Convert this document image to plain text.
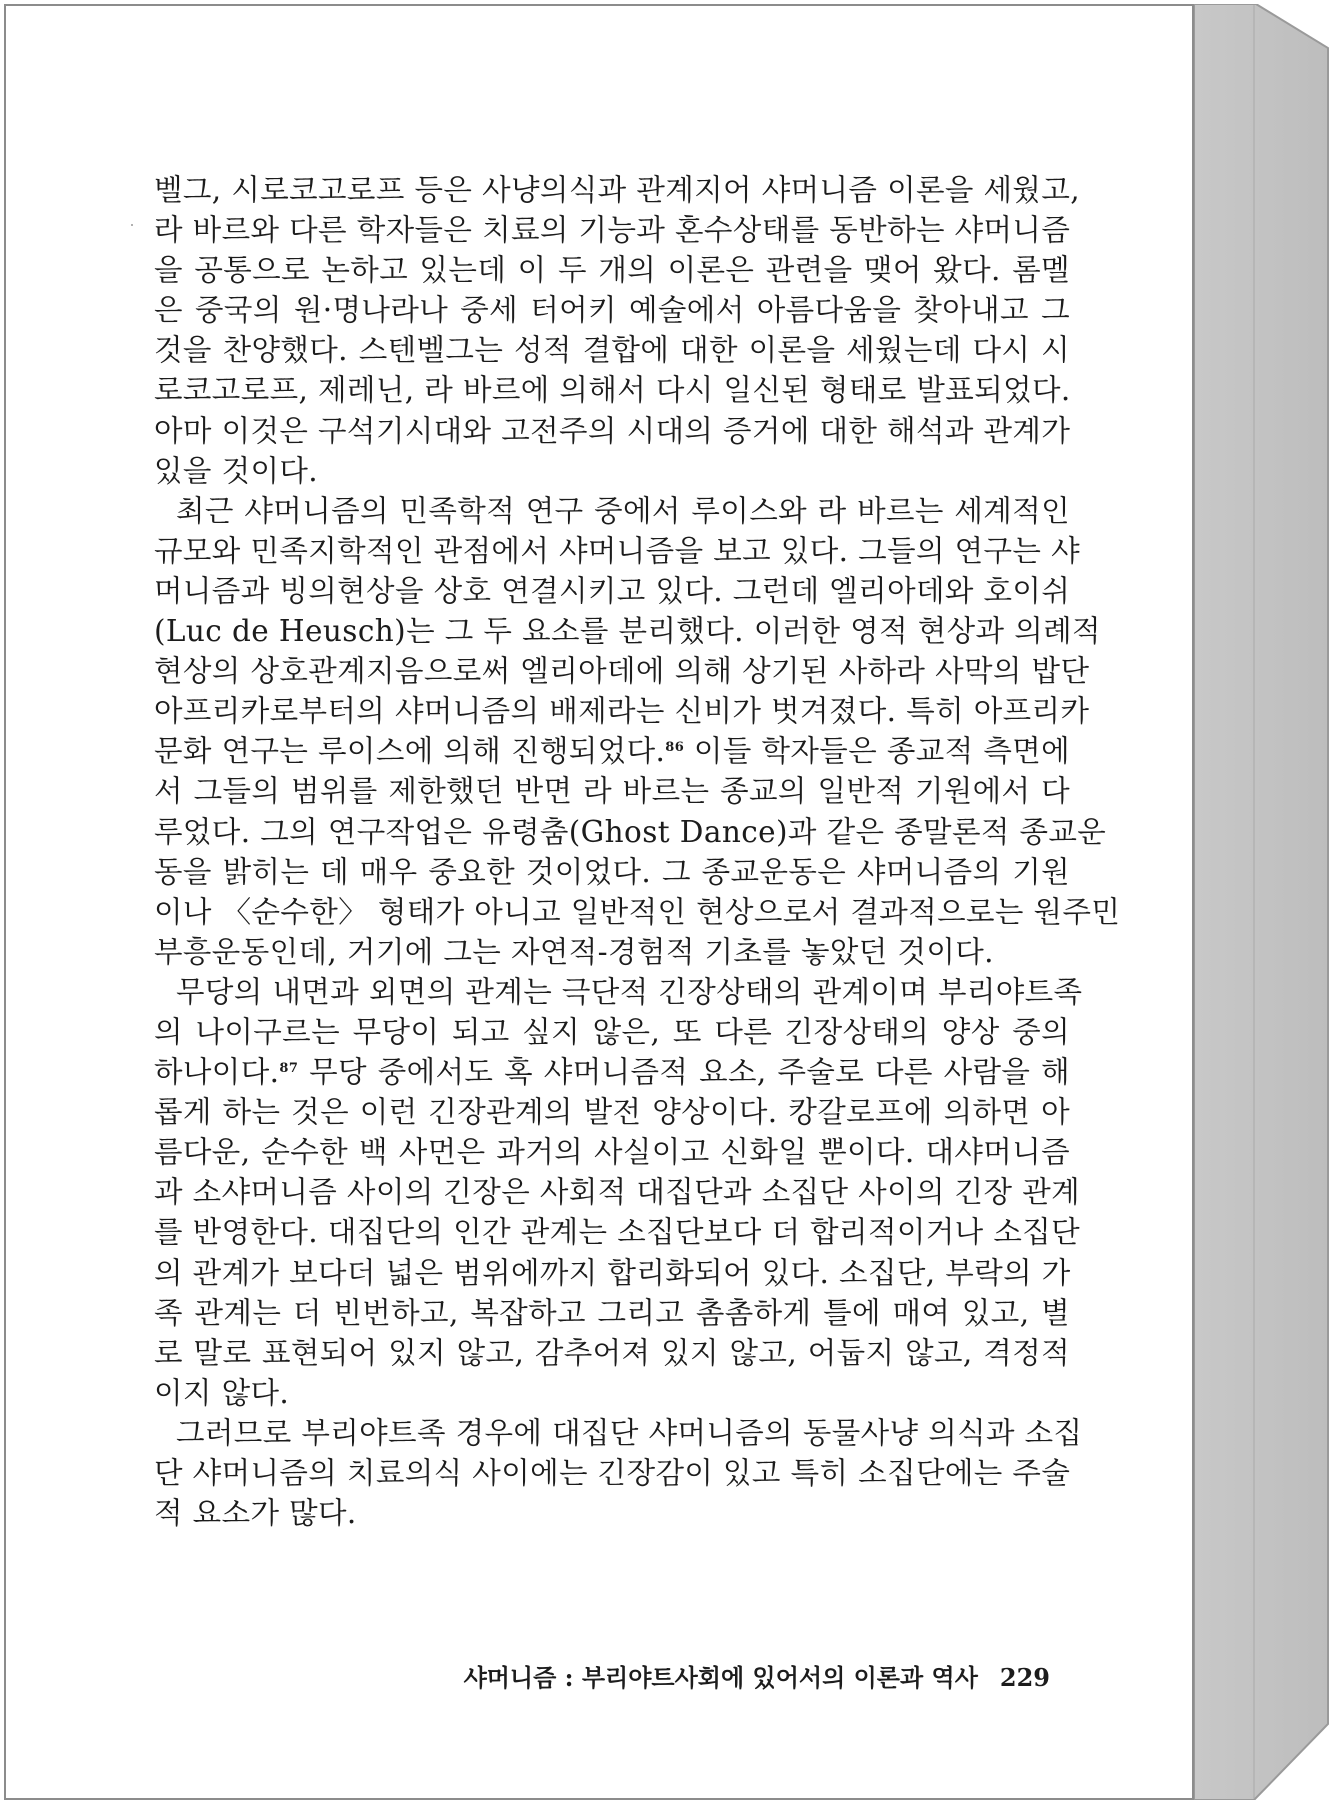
벨그, 시로코고로프 등은 사냥의식과 관계지어 샤머니즘 이론을 세웠고,
라 바르와 다른 학자들은 치료의 기능과 혼수상태를 동반하는 샤머니즘
을 공통으로 논하고 있는데 이 두 개의 이론은 관련을 맺어 왔다. 롬멜
은 중국의 원·명나라나 중세 터어키 예술에서 아름다움을 찾아내고 그
것을 찬양했다. 스텐벨그는 성적 결합에 대한 이론을 세웠는데 다시 시
로코고로프, 제레닌, 라 바르에 의해서 다시 일신된 형태로 발표되었다.
아마 이것은 구석기시대와 고전주의 시대의 증거에 대한 해석과 관계가
있을 것이다.

최근 샤머니즘의 민족학적 연구 중에서 루이스와 라 바르는 세계적인
규모와 민족지학적인 관점에서 샤머니즘을 보고 있다. 그들의 연구는 샤
머니즘과 빙의현상을 상호 연결시키고 있다. 그런데 엘리아데와 호이쉬
(Luc de Heusch)는 그 두 요소를 분리했다. 이러한 영적 현상과 의례적
현상의 상호관계지음으로써 엘리아데에 의해 상기된 사하라 사막의 밥단
아프리카로부터의 샤머니즘의 배제라는 신비가 벗겨졌다. 특히 아프리카
문화 연구는 루이스에 의해 진행되었다.$^{86}$ 이들 학자들은 종교적 측면에
서 그들의 범위를 제한했던 반면 라 바르는 종교의 일반적 기원에서 다
루었다. 그의 연구작업은 유령춤(Ghost Dance)과 같은 종말론적 종교운
동을 밝히는 데 매우 중요한 것이었다. 그 종교운동은 샤머니즘의 기원
이나 〈순수한〉 형태가 아니고 일반적인 현상으로서 결과적으로는 원주민
부흥운동인데, 거기에 그는 자연적-경험적 기초를 놓았던 것이다.

무당의 내면과 외면의 관계는 극단적 긴장상태의 관계이며 부리야트족
의 나이구르는 무당이 되고 싶지 않은, 또 다른 긴장상태의 양상 중의
하나이다.$^{87}$ 무당 중에서도 혹 샤머니즘적 요소, 주술로 다른 사람을 해
롭게 하는 것은 이런 긴장관계의 발전 양상이다. 캉갈로프에 의하면 아
름다운, 순수한 백 사먼은 과거의 사실이고 신화일 뿐이다. 대샤머니즘
과 소샤머니즘 사이의 긴장은 사회적 대집단과 소집단 사이의 긴장 관계
를 반영한다. 대집단의 인간 관계는 소집단보다 더 합리적이거나 소집단
의 관계가 보다더 넓은 범위에까지 합리화되어 있다. 소집단, 부락의 가
족 관계는 더 빈번하고, 복잡하고 그리고 촘촘하게 틀에 매여 있고, 별
로 말로 표현되어 있지 않고, 감추어져 있지 않고, 어둡지 않고, 격정적
이지 않다.

그러므로 부리야트족 경우에 대집단 샤머니즘의 동물사냥 의식과 소집
단 샤머니즘의 치료의식 사이에는 긴장감이 있고 특히 소집단에는 주술
적 요소가 많다.

샤머니즘 : 부리야트사회에 있어서의 이론과 역사 229
